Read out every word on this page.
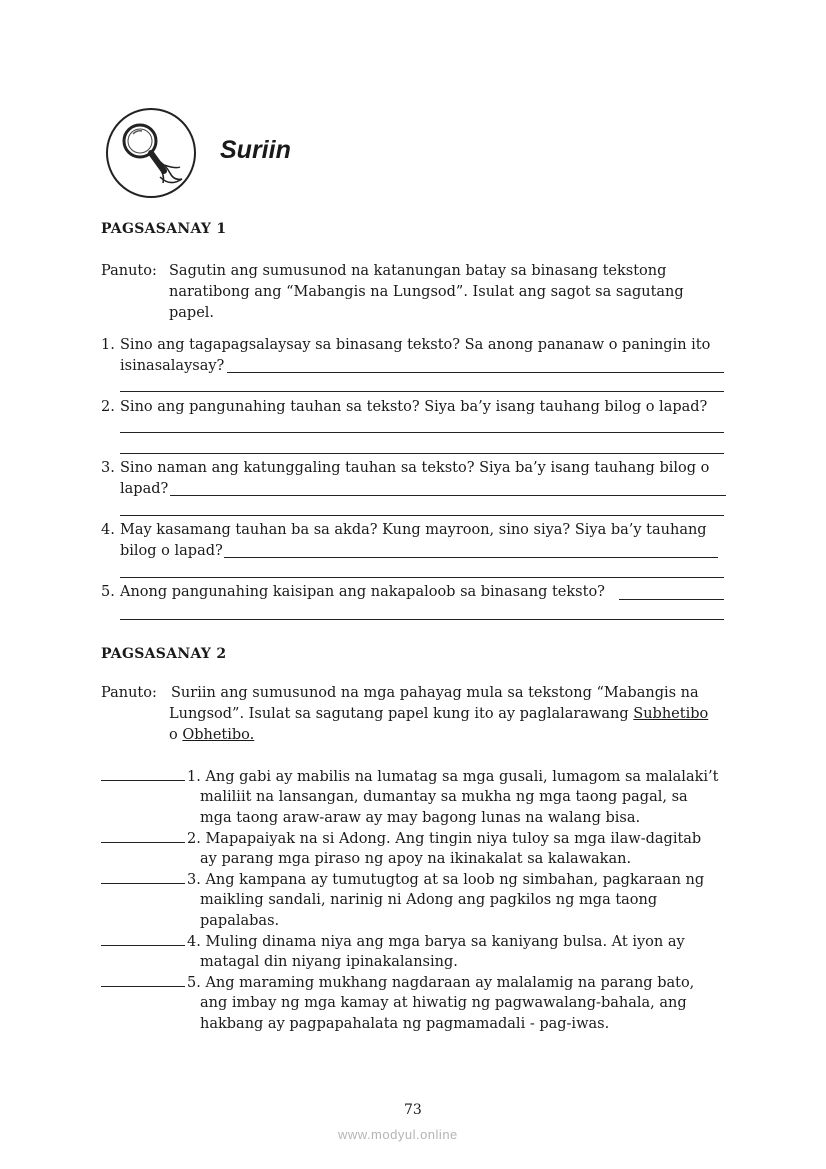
Suriin
PAGSASANAY 1
Panuto: Sagutin ang sumusunod na katanungan batay sa binasang tekstong
naratibong ang “Mabangis na Lungsod”. Isulat ang sagot sa sagutang
papel.
1. Sino ang tagapagsalaysay sa binasang teksto? Sa anong pananaw o paningin ito
isinasalaysay?
2. Sino ang pangunahing tauhan sa teksto? Siya ba’y isang tauhang bilog o lapad?
3. Sino naman ang katunggaling tauhan sa teksto? Siya ba’y isang tauhang bilog o
lapad?
4. May kasamang tauhan ba sa akda? Kung mayroon, sino siya? Siya ba’y tauhang
bilog o lapad?
5. Anong pangunahing kaisipan ang nakapaloob sa binasang teksto?
PAGSASANAY 2
Panuto: Suriin ang sumusunod na mga pahayag mula sa tekstong “Mabangis na
Lungsod”. Isulat sa sagutang papel kung ito ay paglalarawang Subhetibo
o Obhetibo.
1. Ang gabi ay mabilis na lumatag sa mga gusali, lumagom sa malalaki’t
maliliit na lansangan, dumantay sa mukha ng mga taong pagal, sa
mga taong araw-araw ay may bagong lunas na walang bisa.
2. Mapapaiyak na si Adong. Ang tingin niya tuloy sa mga ilaw-dagitab
ay parang mga piraso ng apoy na ikinakalat sa kalawakan.
3. Ang kampana ay tumutugtog at sa loob ng simbahan, pagkaraan ng
maikling sandali, narinig ni Adong ang pagkilos ng mga taong
papalabas.
4. Muling dinama niya ang mga barya sa kaniyang bulsa. At iyon ay
matagal din niyang ipinakalansing.
5. Ang maraming mukhang nagdaraan ay malalamig na parang bato,
ang imbay ng mga kamay at hiwatig ng pagwawalang-bahala, ang
hakbang ay pagpapahalata ng pagmamadali - pag-iwas.
73
www.modyul.online
